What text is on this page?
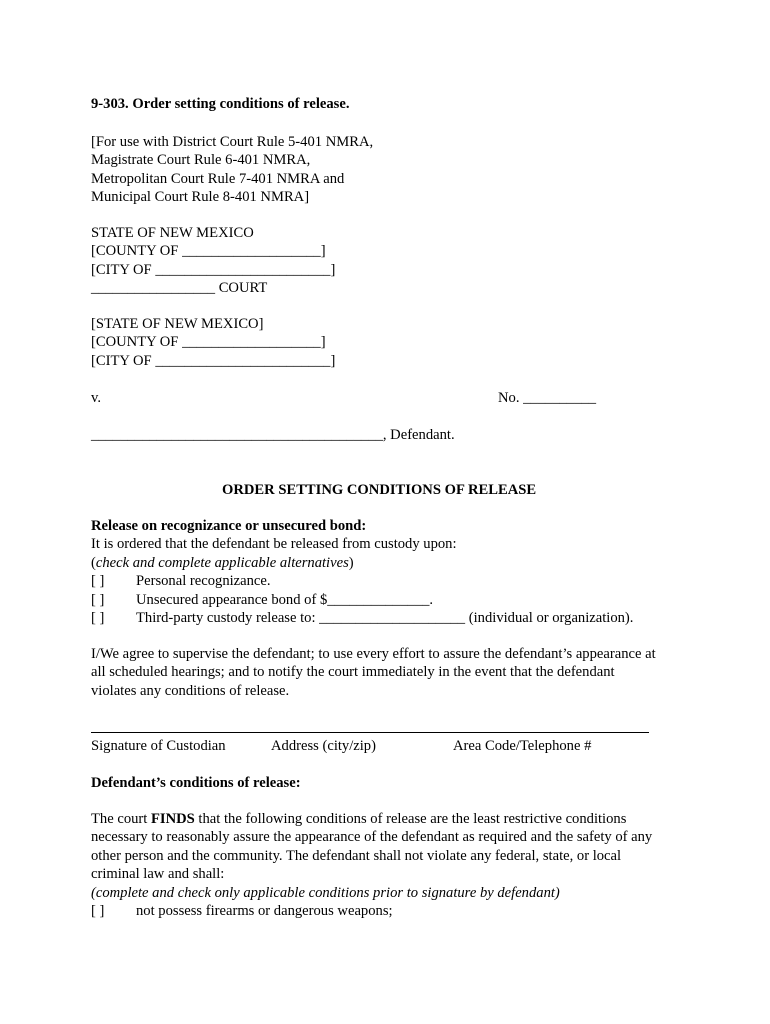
9-303. Order setting conditions of release.
[For use with District Court Rule 5-401 NMRA,
Magistrate Court Rule 6-401 NMRA,
Metropolitan Court Rule 7-401 NMRA and
Municipal Court Rule 8-401 NMRA]
STATE OF NEW MEXICO
[COUNTY OF ___________________]
[CITY OF ________________________]
_________________ COURT
[STATE OF NEW MEXICO]
[COUNTY OF ___________________]
[CITY OF ________________________]
v.	No. __________
________________________________________, Defendant.
ORDER SETTING CONDITIONS OF RELEASE
Release on recognizance or unsecured bond:
It is ordered that the defendant be released from custody upon:
(check and complete applicable alternatives)
[ ] Personal recognizance.
[ ] Unsecured appearance bond of $______________.
[ ] Third-party custody release to: ____________________ (individual or organization).
I/We agree to supervise the defendant; to use every effort to assure the defendant’s appearance at
all scheduled hearings; and to notify the court immediately in the event that the defendant
violates any conditions of release.
Signature of Custodian	Address (city/zip)	Area Code/Telephone #
Defendant’s conditions of release:
The court FINDS that the following conditions of release are the least restrictive conditions
necessary to reasonably assure the appearance of the defendant as required and the safety of any
other person and the community. The defendant shall not violate any federal, state, or local
criminal law and shall:
(complete and check only applicable conditions prior to signature by defendant)
[ ] not possess firearms or dangerous weapons;
